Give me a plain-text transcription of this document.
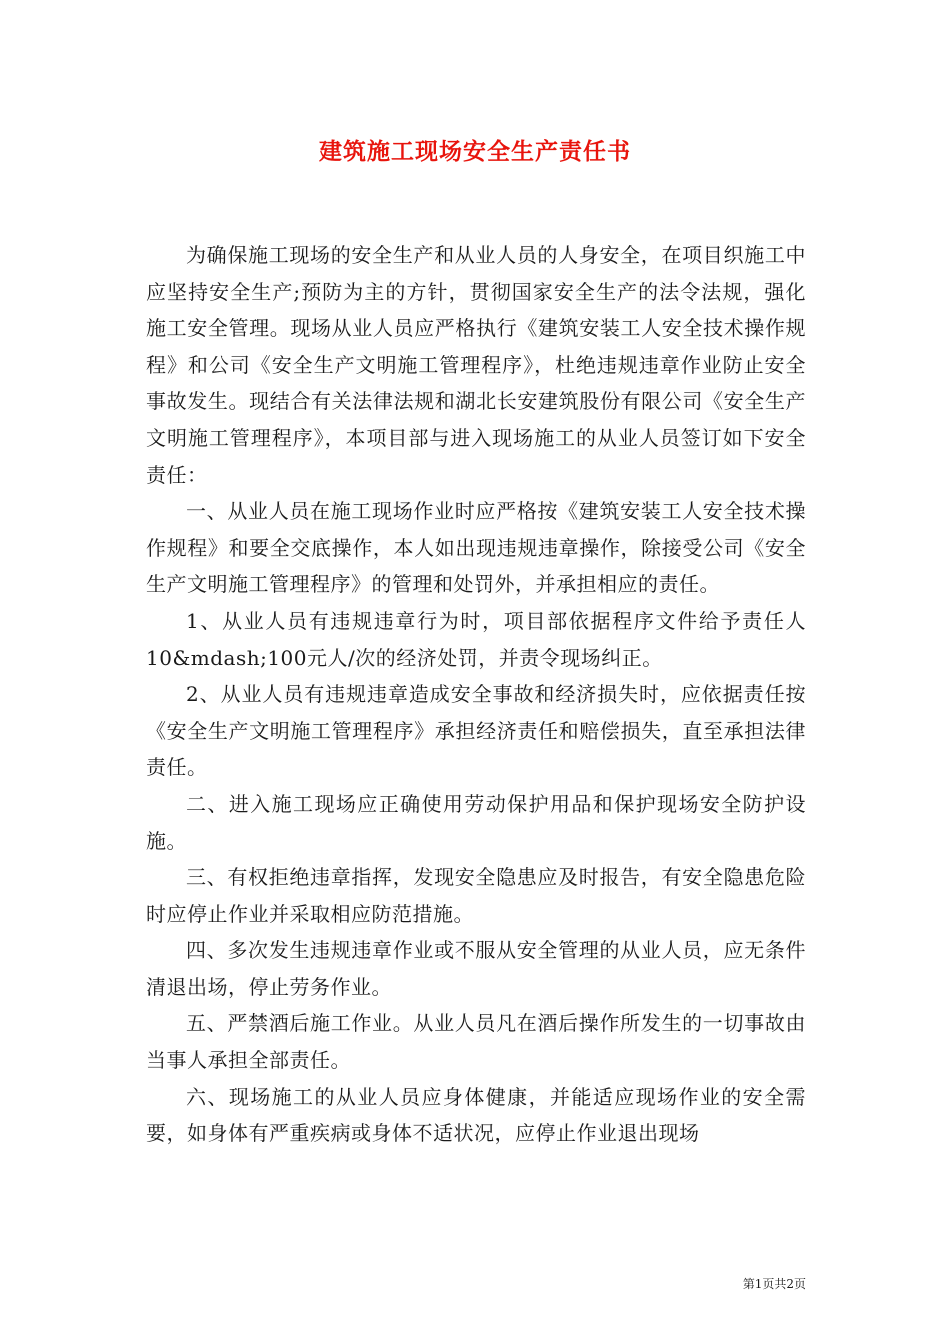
建筑施工现场安全生产责任书

为确保施工现场的安全生产和从业人员的人身安全，在项目织施工中应坚持安全生产;预防为主的方针，贯彻国家安全生产的法令法规，强化施工安全管理。现场从业人员应严格执行《建筑安装工人安全技术操作规程》和公司《安全生产文明施工管理程序》，杜绝违规违章作业防止安全事故发生。现结合有关法律法规和湖北长安建筑股份有限公司《安全生产文明施工管理程序》，本项目部与进入现场施工的从业人员签订如下安全责任：

一、从业人员在施工现场作业时应严格按《建筑安装工人安全技术操作规程》和要全交底操作，本人如出现违规违章操作，除接受公司《安全生产文明施工管理程序》的管理和处罚外，并承担相应的责任。

1、从业人员有违规违章行为时，项目部依据程序文件给予责任人10&mdash;100元人/次的经济处罚，并责令现场纠正。

2、从业人员有违规违章造成安全事故和经济损失时，应依据责任按《安全生产文明施工管理程序》承担经济责任和赔偿损失，直至承担法律责任。

二、进入施工现场应正确使用劳动保护用品和保护现场安全防护设施。

三、有权拒绝违章指挥，发现安全隐患应及时报告，有安全隐患危险时应停止作业并采取相应防范措施。

四、多次发生违规违章作业或不服从安全管理的从业人员，应无条件清退出场，停止劳务作业。

五、严禁酒后施工作业。从业人员凡在酒后操作所发生的一切事故由当事人承担全部责任。

六、现场施工的从业人员应身体健康，并能适应现场作业的安全需要，如身体有严重疾病或身体不适状况，应停止作业退出现场

第1页共2页
